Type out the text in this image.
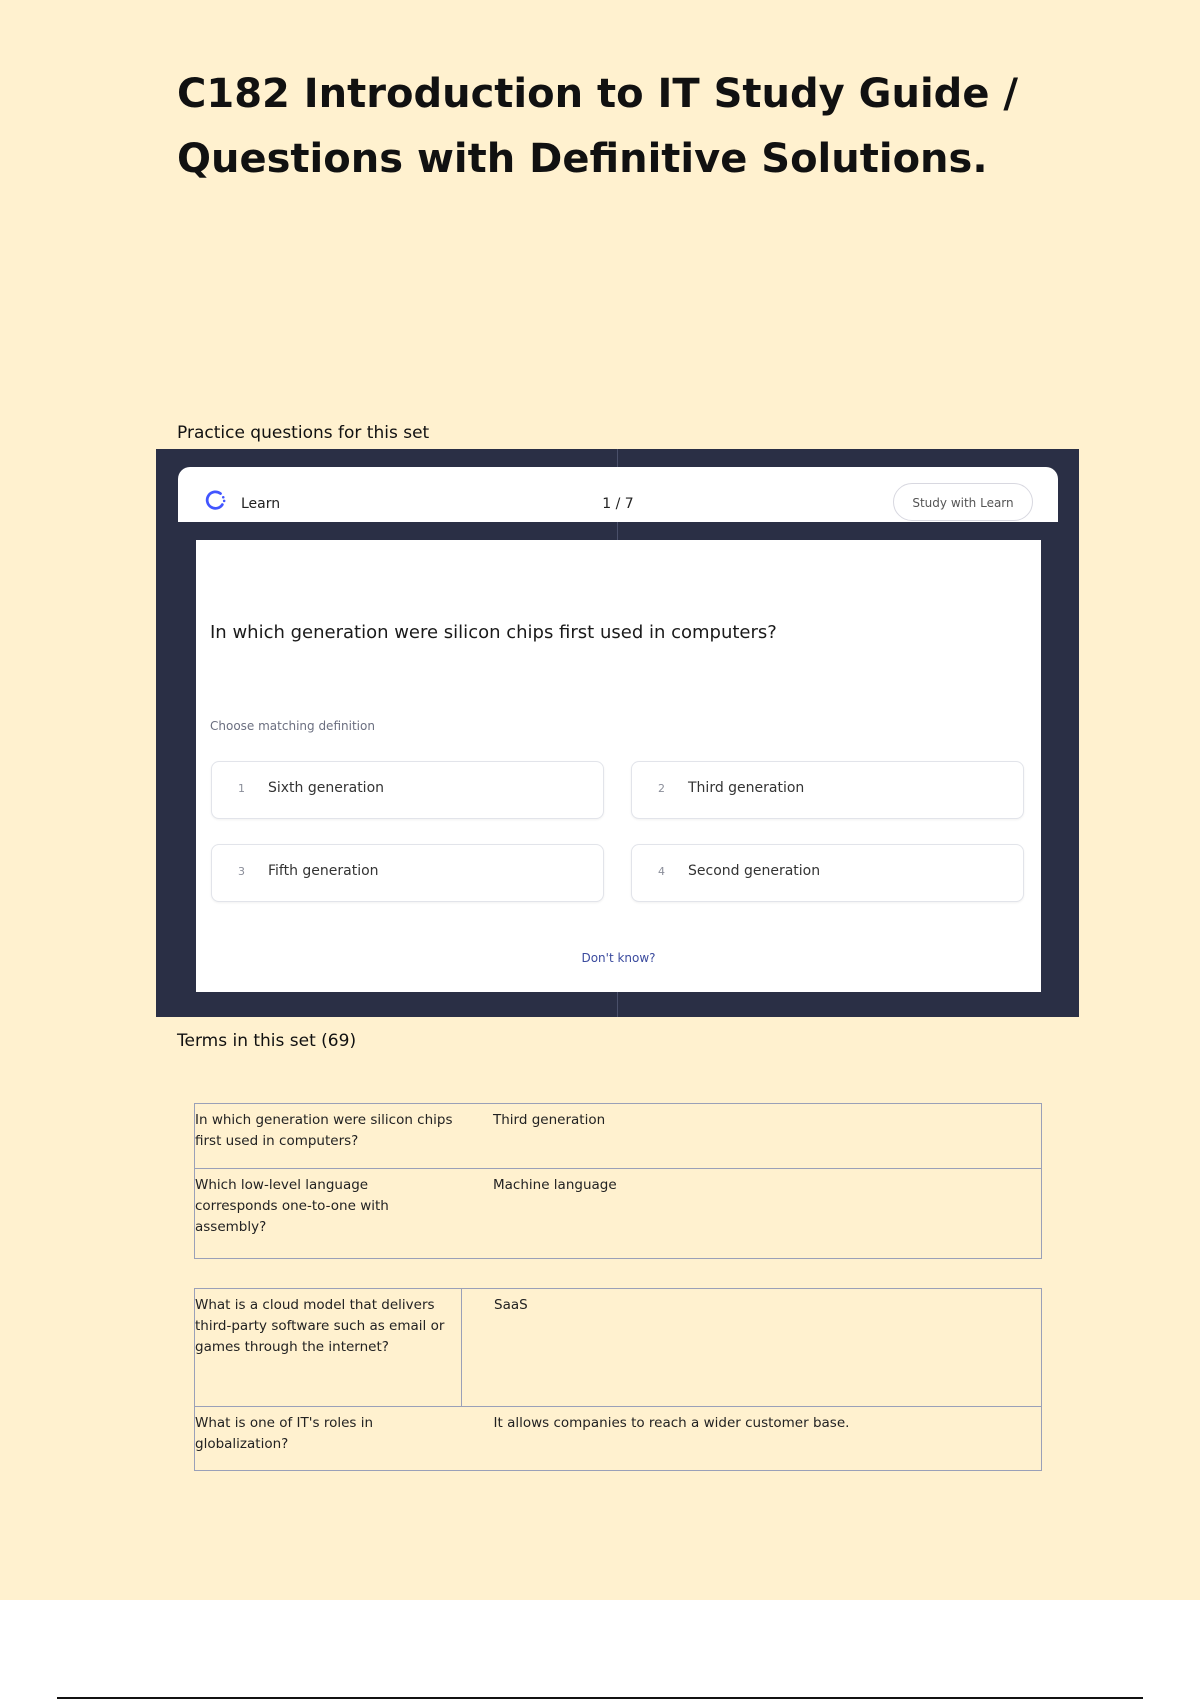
C182 Introduction to IT Study Guide / Questions with Definitive Solutions.
Practice questions for this set
Learn	1 / 7	Study with Learn
In which generation were silicon chips first used in computers?
Choose matching definition
1 Sixth generation	2 Third generation
3 Fifth generation	4 Second generation
Don't know?
Terms in this set (69)
In which generation were silicon chips first used in computers?	Third generation
Which low-level language corresponds one-to-one with assembly?	Machine language
What is a cloud model that delivers third-party software such as email or games through the internet?	SaaS
What is one of IT's roles in globalization?	It allows companies to reach a wider customer base.
